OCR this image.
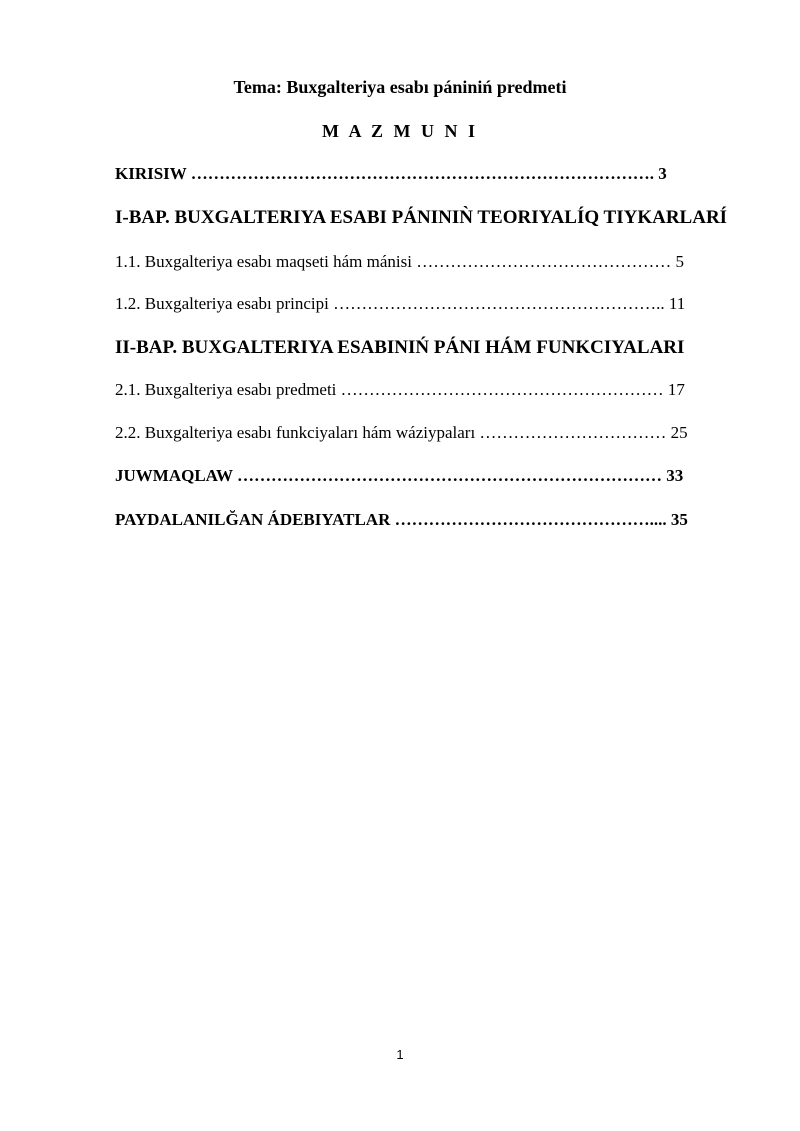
Tema: Buxgalteriya esabı pániniń predmeti
M A Z M U N I
KIRISIW ………………………………………………………………………. 3
I-BAP. BUXGALTERIYA ESABI PÁNINIǸ TEORIYALÍQ TIYKARLARÍ
1.1. Buxgalteriya esabı maqseti hám mánisi ……………………………………… 5
1.2. Buxgalteriya esabı principi ………………………………………………….. 11
II-BAP. BUXGALTERIYA ESABINIŃ PÁNI HÁM FUNKCIYALARI
2.1. Buxgalteriya esabı predmeti ………………………………………………… 17
2.2. Buxgalteriya esabı funkciyaları hám wáziypaları …………………………… 25
JUWMAQLAW ………………………………………………………………… 33
PAYDALANILĞAN ÁDEBIYATLAR ……………………………………….... 35
1
